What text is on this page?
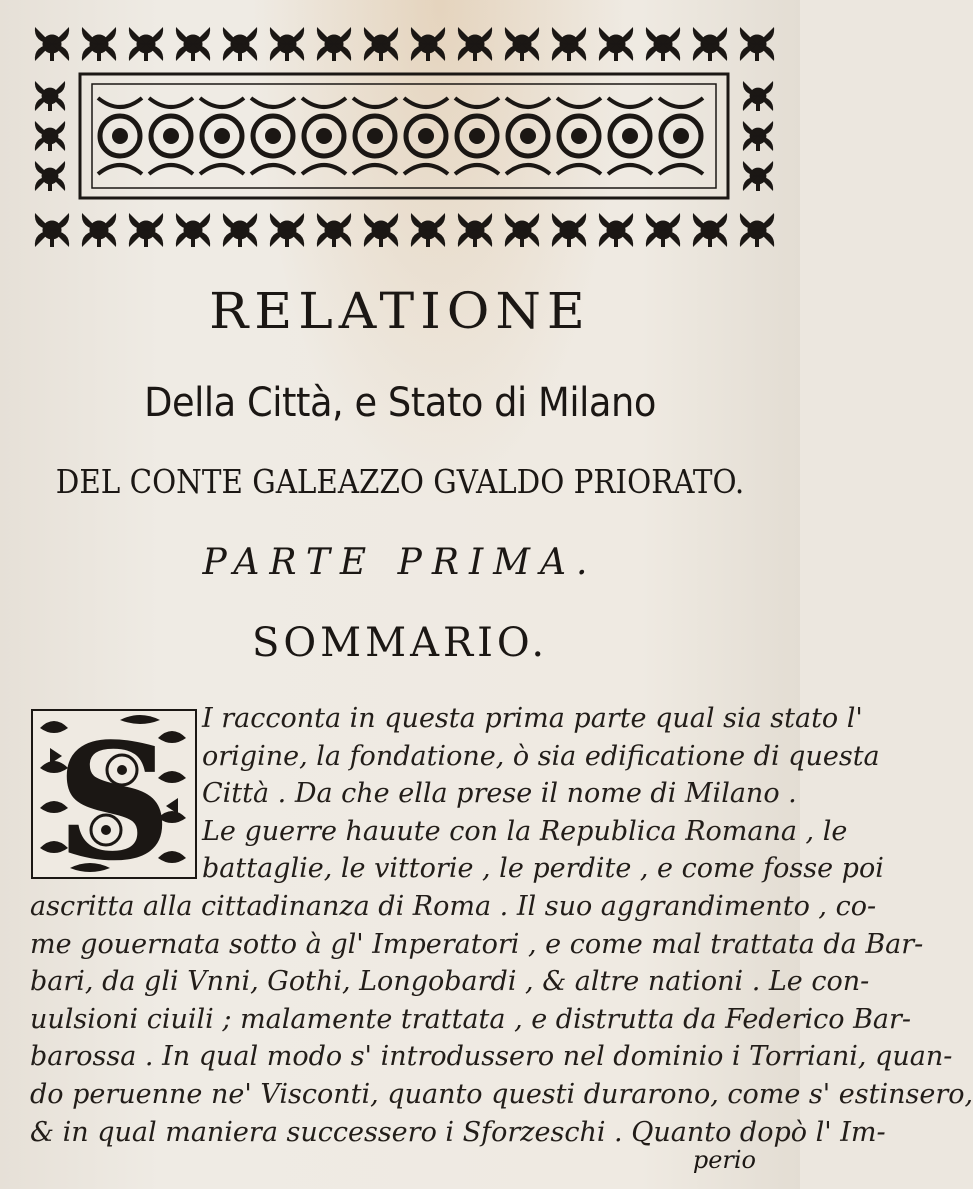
RELATIONE
Della Città, e Stato di Milano
DEL CONTE GALEAZZO GVALDO PRIORATO.
PARTE PRIMA.
SOMMARIO.
S	I racconta in questa prima parte qual sia stato l'
origine, la fondatione, ò sia edificatione di questa
Città . Da che ella prese il nome di Milano .
Le guerre hauute con la Republica Romana , le
battaglie, le vittorie , le perdite , e come fosse poi
ascritta alla cittadinanza di Roma . Il suo aggrandimento , co-
me gouernata sotto à gl' Imperatori , e come mal trattata da Bar-
bari, da gli Vnni, Gothi, Longobardi , & altre nationi . Le con-
uulsioni ciuili ; malamente trattata , e distrutta da Federico Bar-
barossa . In qual modo s' introdussero nel dominio i Torriani, quan-
do peruenne ne' Visconti, quanto questi durarono, come s' estinsero,
& in qual maniera successero i Sforzeschi . Quanto dopò l' Im-
perio
